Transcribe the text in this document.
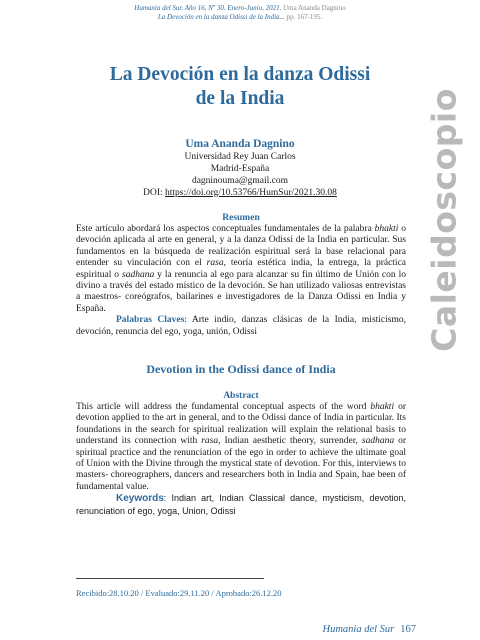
Humania del Sur. Año 16, Nº 30. Enero-Junio, 2021. Uma Ananda Dagnino
La Devoción en la danza Odissi de la India... pp. 167-195.
La Devoción en la danza Odissi
de la India	Caleidoscopio
Uma Ananda Dagnino
Universidad Rey Juan Carlos
Madrid-España
dagninouma@gmail.com
DOI: https://doi.org/10.53766/HumSur/2021.30.08
Resumen
Este artículo abordará los aspectos conceptuales fundamentales de la palabra bhakti o devoción aplicada al arte en general, y a la danza Odissi de la India en particular. Sus fundamentos en la búsqueda de realización espiritual será la base relacional para entender su vinculación con el rasa, teoría estética india, la entrega, la práctica espiritual o sadhana y la renuncia al ego para alcanzar su fin último de Unión con lo divino a través del estado místico de la devoción. Se han utilizado valiosas entrevistas a maestros- coreógrafos, bailarines e investigadores de la Danza Odissi en India y España.
Palabras Claves: Arte indio, danzas clásicas de la India, misticismo, devoción, renuncia del ego, yoga, unión, Odissi
Devotion in the Odissi dance of India
Abstract
This article will address the fundamental conceptual aspects of the word bhakti or devotion applied to the art in general, and to the Odissi dance of India in particular. Its foundations in the search for spiritual realization will explain the relational basis to understand its connection with rasa, Indian aesthetic theory, surrender, sadhana or spiritual practice and the renunciation of the ego in order to achieve the ultimate goal of Union with the Divine through the mystical state of devotion. For this, interviews to masters- choreographers, dancers and researchers both in India and Spain, hae been of fundamental value.
Keywords: Indian art, Indian Classical dance, mysticism, devotion, renunciation of ego, yoga, Union, Odissi
Recibido:28.10.20 / Evaluado:29.11.20 / Aprobado:26.12.20
Humania del Sur 167
